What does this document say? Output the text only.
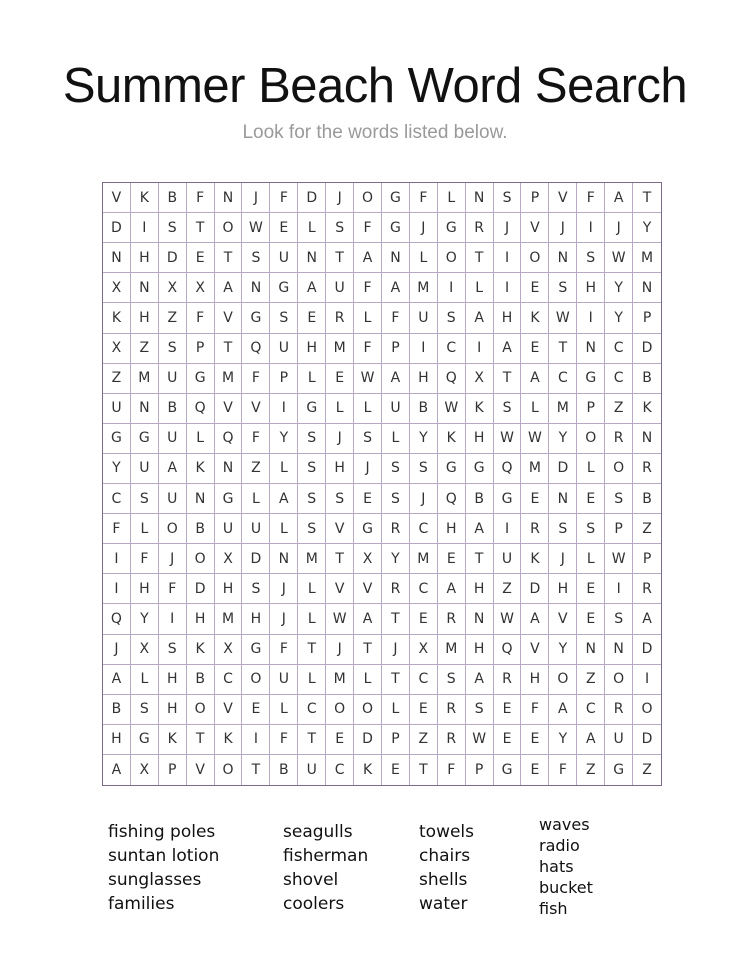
Summer Beach Word Search
Look for the words listed below.
V	K	B	F	N	J	F	D	J	O	G	F	L	N	S	P	V	F	A	T
D	I	S	T	O	W	E	L	S	F	G	J	G	R	J	V	J	I	J	Y
N	H	D	E	T	S	U	N	T	A	N	L	O	T	I	O	N	S	W	M
X	N	X	X	A	N	G	A	U	F	A	M	I	L	I	E	S	H	Y	N
K	H	Z	F	V	G	S	E	R	L	F	U	S	A	H	K	W	I	Y	P
X	Z	S	P	T	Q	U	H	M	F	P	I	C	I	A	E	T	N	C	D
Z	M	U	G	M	F	P	L	E	W	A	H	Q	X	T	A	C	G	C	B
U	N	B	Q	V	V	I	G	L	L	U	B	W	K	S	L	M	P	Z	K
G	G	U	L	Q	F	Y	S	J	S	L	Y	K	H	W	W	Y	O	R	N
Y	U	A	K	N	Z	L	S	H	J	S	S	G	G	Q	M	D	L	O	R
C	S	U	N	G	L	A	S	S	E	S	J	Q	B	G	E	N	E	S	B
F	L	O	B	U	U	L	S	V	G	R	C	H	A	I	R	S	S	P	Z
I	F	J	O	X	D	N	M	T	X	Y	M	E	T	U	K	J	L	W	P
I	H	F	D	H	S	J	L	V	V	R	C	A	H	Z	D	H	E	I	R
Q	Y	I	H	M	H	J	L	W	A	T	E	R	N	W	A	V	E	S	A
J	X	S	K	X	G	F	T	J	T	J	X	M	H	Q	V	Y	N	N	D
A	L	H	B	C	O	U	L	M	L	T	C	S	A	R	H	O	Z	O	I
B	S	H	O	V	E	L	C	O	O	L	E	R	S	E	F	A	C	R	O
H	G	K	T	K	I	F	T	E	D	P	Z	R	W	E	E	Y	A	U	D
A	X	P	V	O	T	B	U	C	K	E	T	F	P	G	E	F	Z	G	Z
fishing poles
suntan lotion
sunglasses
families
seagulls
fisherman
shovel
coolers
towels
chairs
shells
water
waves
radio
hats
bucket
fish
